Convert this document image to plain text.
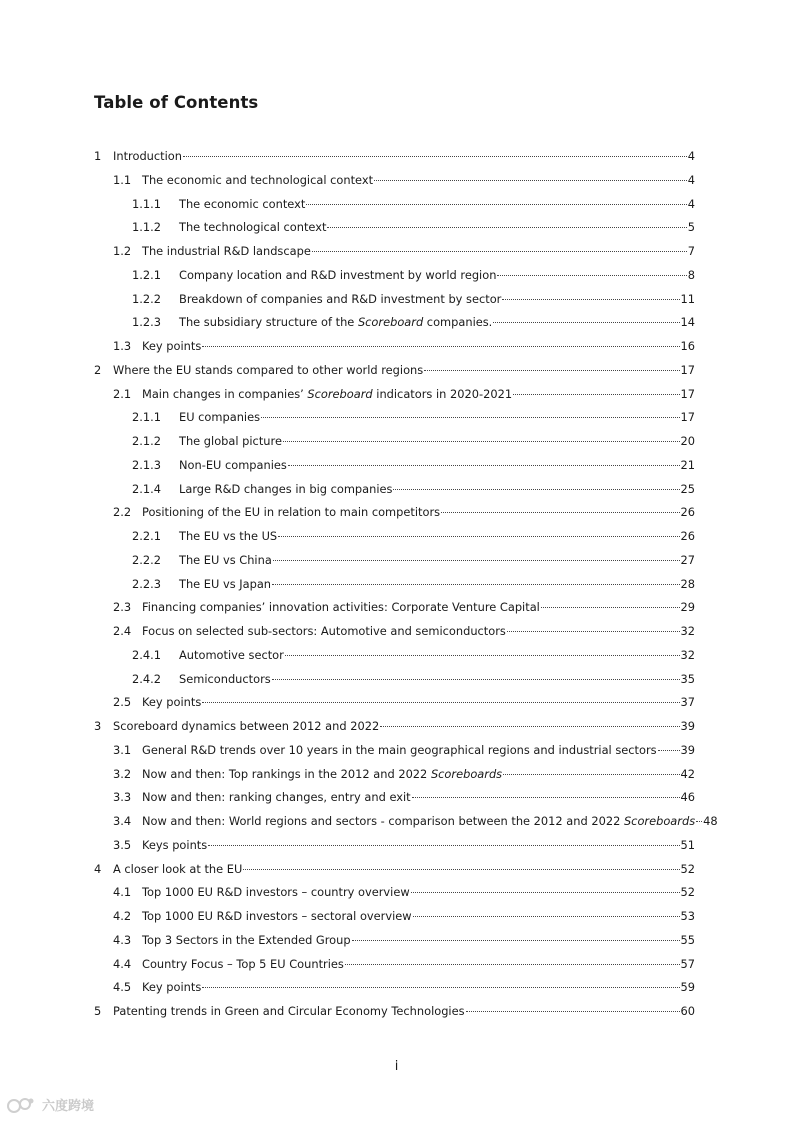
Table of Contents
1 Introduction	4
1.1 The economic and technological context	4
1.1.1 The economic context	4
1.1.2 The technological context	5
1.2 The industrial R&D landscape	7
1.2.1 Company location and R&D investment by world region	8
1.2.2 Breakdown of companies and R&D investment by sector	11
1.2.3 The subsidiary structure of the Scoreboard companies.	14
1.3 Key points	16
2 Where the EU stands compared to other world regions	17
2.1 Main changes in companies’ Scoreboard indicators in 2020-2021	17
2.1.1 EU companies	17
2.1.2 The global picture	20
2.1.3 Non-EU companies	21
2.1.4 Large R&D changes in big companies	25
2.2 Positioning of the EU in relation to main competitors	26
2.2.1 The EU vs the US	26
2.2.2 The EU vs China	27
2.2.3 The EU vs Japan	28
2.3 Financing companies’ innovation activities: Corporate Venture Capital	29
2.4 Focus on selected sub-sectors: Automotive and semiconductors	32
2.4.1 Automotive sector	32
2.4.2 Semiconductors	35
2.5 Key points	37
3 Scoreboard dynamics between 2012 and 2022	39
3.1 General R&D trends over 10 years in the main geographical regions and industrial sectors 39
3.2 Now and then: Top rankings in the 2012 and 2022 Scoreboards	42
3.3 Now and then: ranking changes, entry and exit	46
3.4 Now and then: World regions and sectors - comparison between the 2012 and 2022 Scoreboards 48
3.5 Keys points	51
4 A closer look at the EU	52
4.1 Top 1000 EU R&D investors – country overview	52
4.2 Top 1000 EU R&D investors – sectoral overview	53
4.3 Top 3 Sectors in the Extended Group	55
4.4 Country Focus – Top 5 EU Countries	57
4.5 Key points	59
5 Patenting trends in Green and Circular Economy Technologies	60
i
六度跨境
